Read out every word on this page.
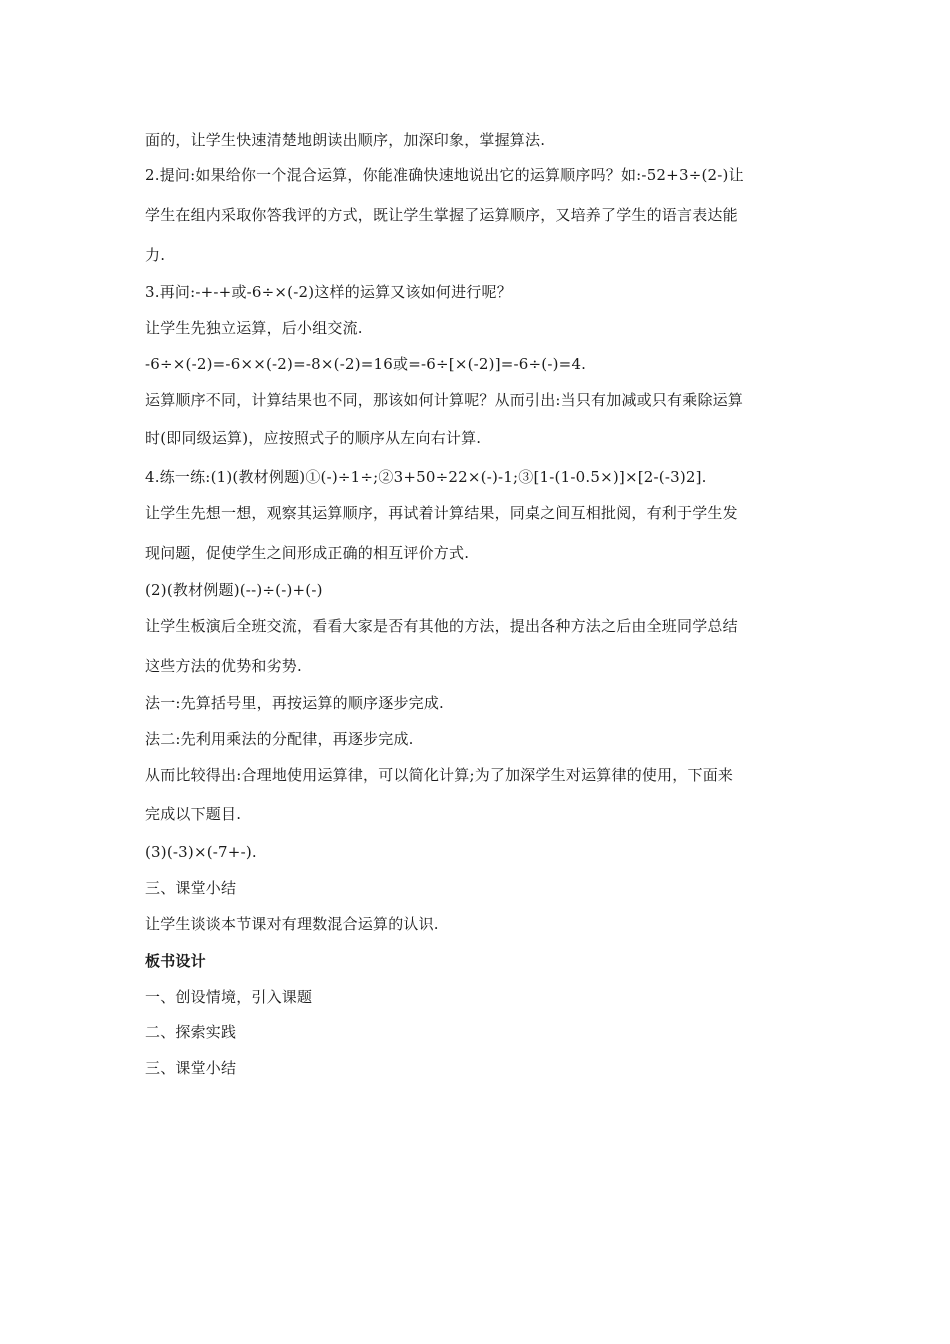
面的，让学生快速清楚地朗读出顺序，加深印象，掌握算法.
2.提问:如果给你一个混合运算，你能准确快速地说出它的运算顺序吗？如:-52+3÷(2-)让
学生在组内采取你答我评的方式，既让学生掌握了运算顺序，又培养了学生的语言表达能
力.
3.再问:-+-+或-6÷×(-2)这样的运算又该如何进行呢？
让学生先独立运算，后小组交流.
-6÷×(-2)=-6××(-2)=-8×(-2)=16或=-6÷[×(-2)]=-6÷(-)=4.
运算顺序不同，计算结果也不同，那该如何计算呢？从而引出:当只有加减或只有乘除运算
时(即同级运算)，应按照式子的顺序从左向右计算.
4.练一练:(1)(教材例题)①(-)÷1÷;②3+50÷22×(-)-1;③[1-(1-0.5×)]×[2-(-3)2].
让学生先想一想，观察其运算顺序，再试着计算结果，同桌之间互相批阅，有利于学生发
现问题，促使学生之间形成正确的相互评价方式.
(2)(教材例题)(--)÷(-)+(-)
让学生板演后全班交流，看看大家是否有其他的方法，提出各种方法之后由全班同学总结
这些方法的优势和劣势.
法一:先算括号里，再按运算的顺序逐步完成.
法二:先利用乘法的分配律，再逐步完成.
从而比较得出:合理地使用运算律，可以简化计算;为了加深学生对运算律的使用，下面来
完成以下题目.
(3)(-3)×(-7+-).
三、课堂小结
让学生谈谈本节课对有理数混合运算的认识.
板书设计
一、创设情境，引入课题
二、探索实践
三、课堂小结
